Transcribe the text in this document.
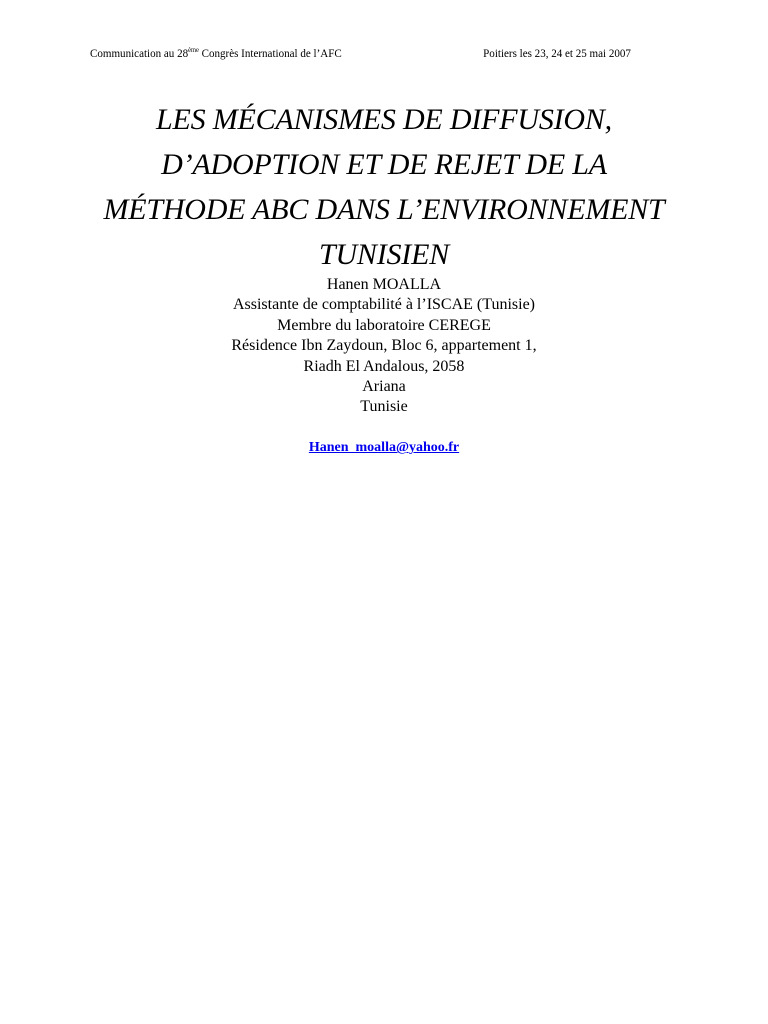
Communication au 28ème Congrès International de l’AFC	Poitiers les 23, 24 et 25 mai 2007
LES MÉCANISMES DE DIFFUSION,
D’ADOPTION ET DE REJET DE LA
MÉTHODE ABC DANS L’ENVIRONNEMENT
TUNISIEN
Hanen MOALLA
Assistante de comptabilité à l’ISCAE (Tunisie)
Membre du laboratoire CEREGE
Résidence Ibn Zaydoun, Bloc 6, appartement 1,
Riadh El Andalous, 2058
Ariana
Tunisie
Hanen_moalla@yahoo.fr
